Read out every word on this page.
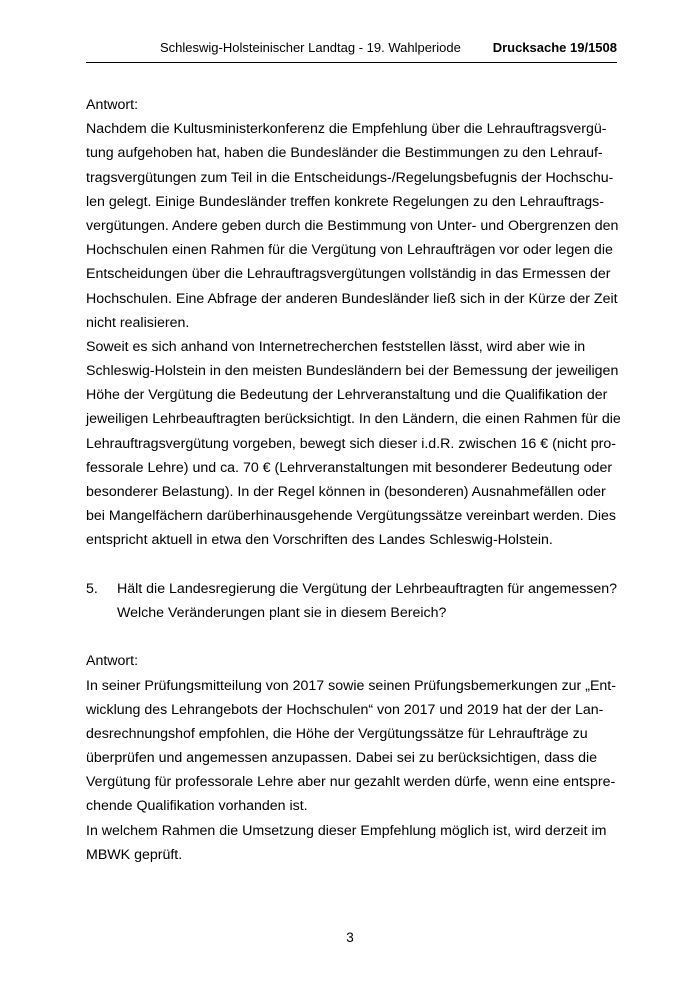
Schleswig-Holsteinischer Landtag - 19. Wahlperiode Drucksache 19/1508
Antwort:
Nachdem die Kultusministerkonferenz die Empfehlung über die Lehrauftragsvergü-
tung aufgehoben hat, haben die Bundesländer die Bestimmungen zu den Lehrauf-
tragsvergütungen zum Teil in die Entscheidungs-/Regelungsbefugnis der Hochschu-
len gelegt. Einige Bundesländer treffen konkrete Regelungen zu den Lehrauftrags-
vergütungen. Andere geben durch die Bestimmung von Unter- und Obergrenzen den
Hochschulen einen Rahmen für die Vergütung von Lehraufträgen vor oder legen die
Entscheidungen über die Lehrauftragsvergütungen vollständig in das Ermessen der
Hochschulen. Eine Abfrage der anderen Bundesländer ließ sich in der Kürze der Zeit
nicht realisieren.
Soweit es sich anhand von Internetrecherchen feststellen lässt, wird aber wie in
Schleswig-Holstein in den meisten Bundesländern bei der Bemessung der jeweiligen
Höhe der Vergütung die Bedeutung der Lehrveranstaltung und die Qualifikation der
jeweiligen Lehrbeauftragten berücksichtigt. In den Ländern, die einen Rahmen für die
Lehrauftragsvergütung vorgeben, bewegt sich dieser i.d.R. zwischen 16 € (nicht pro-
fessorale Lehre) und ca. 70 € (Lehrveranstaltungen mit besonderer Bedeutung oder
besonderer Belastung). In der Regel können in (besonderen) Ausnahmefällen oder
bei Mangelfächern darüberhinausgehende Vergütungssätze vereinbart werden. Dies
entspricht aktuell in etwa den Vorschriften des Landes Schleswig-Holstein.
5. Hält die Landesregierung die Vergütung der Lehrbeauftragten für angemessen?
Welche Veränderungen plant sie in diesem Bereich?
Antwort:
In seiner Prüfungsmitteilung von 2017 sowie seinen Prüfungsbemerkungen zur „Ent-
wicklung des Lehrangebots der Hochschulen“ von 2017 und 2019 hat der der Lan-
desrechnungshof empfohlen, die Höhe der Vergütungssätze für Lehraufträge zu
überprüfen und angemessen anzupassen. Dabei sei zu berücksichtigen, dass die
Vergütung für professorale Lehre aber nur gezahlt werden dürfe, wenn eine entspre-
chende Qualifikation vorhanden ist.
In welchem Rahmen die Umsetzung dieser Empfehlung möglich ist, wird derzeit im
MBWK geprüft.
3
